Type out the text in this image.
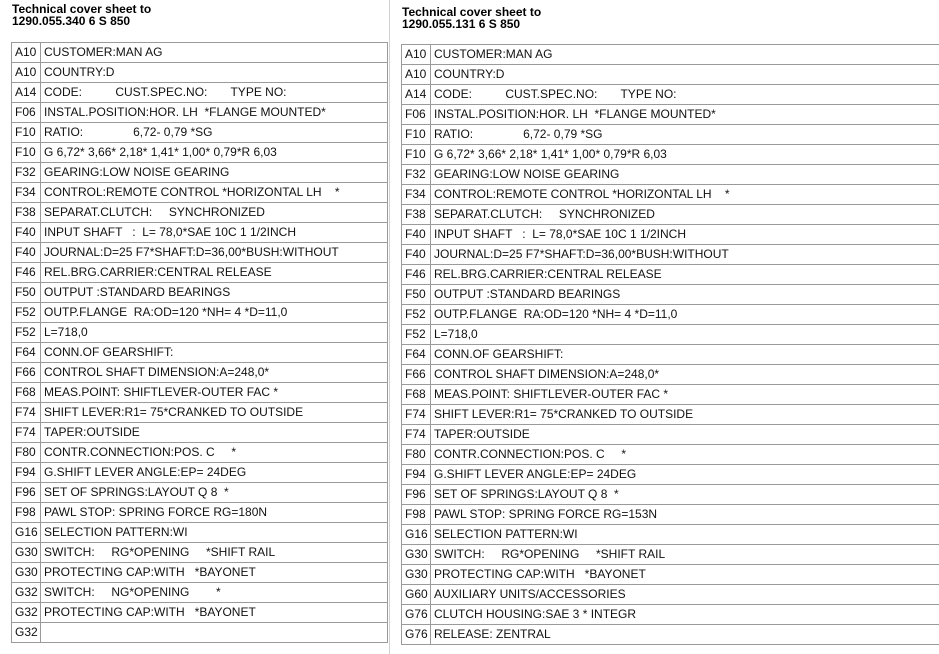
Technical cover sheet to
1290.055.340 6 S 850
A10	CUSTOMER:MAN AG
A10	COUNTRY:D
A14	CODE:          CUST.SPEC.NO:       TYPE NO:
F06	INSTAL.POSITION:HOR. LH  *FLANGE MOUNTED*
F10	RATIO:               6,72- 0,79 *SG
F10	G 6,72* 3,66* 2,18* 1,41* 1,00* 0,79*R 6,03
F32	GEARING:LOW NOISE GEARING
F34	CONTROL:REMOTE CONTROL *HORIZONTAL LH    *
F38	SEPARAT.CLUTCH:     SYNCHRONIZED
F40	INPUT SHAFT   :  L= 78,0*SAE 10C 1 1/2INCH
F40	JOURNAL:D=25 F7*SHAFT:D=36,00*BUSH:WITHOUT
F46	REL.BRG.CARRIER:CENTRAL RELEASE
F50	OUTPUT :STANDARD BEARINGS
F52	OUTP.FLANGE  RA:OD=120 *NH= 4 *D=11,0
F52	L=718,0
F64	CONN.OF GEARSHIFT:
F66	CONTROL SHAFT DIMENSION:A=248,0*
F68	MEAS.POINT: SHIFTLEVER-OUTER FAC *
F74	SHIFT LEVER:R1= 75*CRANKED TO OUTSIDE
F74	TAPER:OUTSIDE
F80	CONTR.CONNECTION:POS. C     *
F94	G.SHIFT LEVER ANGLE:EP= 24DEG
F96	SET OF SPRINGS:LAYOUT Q 8  *
F98	PAWL STOP: SPRING FORCE RG=180N
G16	SELECTION PATTERN:WI
G30	SWITCH:     RG*OPENING     *SHIFT RAIL
G30	PROTECTING CAP:WITH   *BAYONET
G32	SWITCH:     NG*OPENING        *
G32	PROTECTING CAP:WITH   *BAYONET
G32	
Technical cover sheet to
1290.055.131 6 S 850
A10	CUSTOMER:MAN AG
A10	COUNTRY:D
A14	CODE:          CUST.SPEC.NO:       TYPE NO:
F06	INSTAL.POSITION:HOR. LH  *FLANGE MOUNTED*
F10	RATIO:               6,72- 0,79 *SG
F10	G 6,72* 3,66* 2,18* 1,41* 1,00* 0,79*R 6,03
F32	GEARING:LOW NOISE GEARING
F34	CONTROL:REMOTE CONTROL *HORIZONTAL LH    *
F38	SEPARAT.CLUTCH:     SYNCHRONIZED
F40	INPUT SHAFT   :  L= 78,0*SAE 10C 1 1/2INCH
F40	JOURNAL:D=25 F7*SHAFT:D=36,00*BUSH:WITHOUT
F46	REL.BRG.CARRIER:CENTRAL RELEASE
F50	OUTPUT :STANDARD BEARINGS
F52	OUTP.FLANGE  RA:OD=120 *NH= 4 *D=11,0
F52	L=718,0
F64	CONN.OF GEARSHIFT:
F66	CONTROL SHAFT DIMENSION:A=248,0*
F68	MEAS.POINT: SHIFTLEVER-OUTER FAC *
F74	SHIFT LEVER:R1= 75*CRANKED TO OUTSIDE
F74	TAPER:OUTSIDE
F80	CONTR.CONNECTION:POS. C     *
F94	G.SHIFT LEVER ANGLE:EP= 24DEG
F96	SET OF SPRINGS:LAYOUT Q 8  *
F98	PAWL STOP: SPRING FORCE RG=153N
G16	SELECTION PATTERN:WI
G30	SWITCH:     RG*OPENING     *SHIFT RAIL
G30	PROTECTING CAP:WITH   *BAYONET
G60	AUXILIARY UNITS/ACCESSORIES
G76	CLUTCH HOUSING:SAE 3 * INTEGR
G76	RELEASE: ZENTRAL
